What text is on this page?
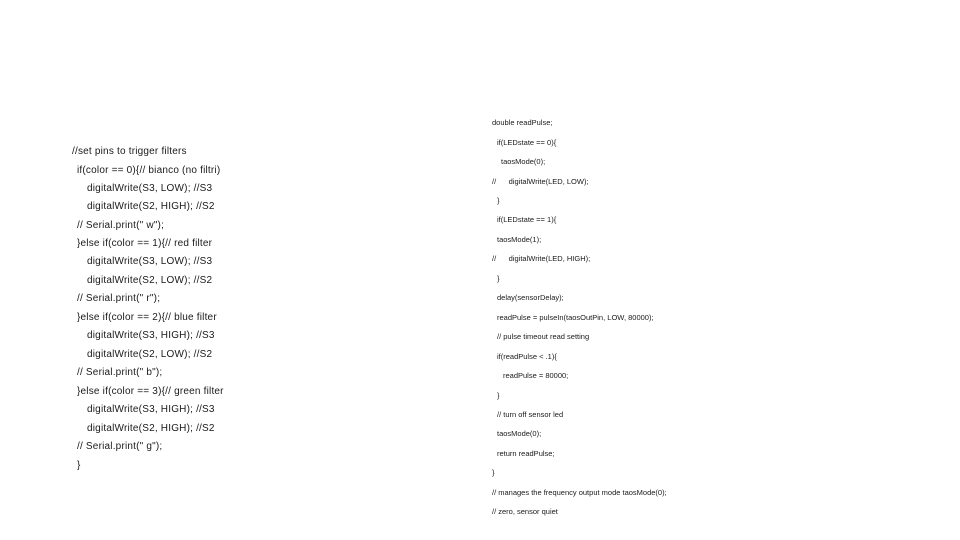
//set pins to trigger filters
if(color == 0){// bianco (no filtri)
digitalWrite(S3, LOW); //S3
digitalWrite(S2, HIGH); //S2
// Serial.print(" w");
}else if(color == 1){// red filter
digitalWrite(S3, LOW); //S3
digitalWrite(S2, LOW); //S2
// Serial.print(" r");
}else if(color == 2){// blue filter
digitalWrite(S3, HIGH); //S3
digitalWrite(S2, LOW); //S2
// Serial.print(" b");
}else if(color == 3){// green filter
digitalWrite(S3, HIGH); //S3
digitalWrite(S2, HIGH); //S2
// Serial.print(" g");
}
double readPulse;
if(LEDstate == 0){
taosMode(0);
//      digitalWrite(LED, LOW);
}
if(LEDstate == 1){
taosMode(1);
//      digitalWrite(LED, HIGH);
}
delay(sensorDelay);
readPulse = pulseIn(taosOutPin, LOW, 80000);
// pulse timeout read setting
if(readPulse < .1){
readPulse = 80000;
}
// turn off sensor led
taosMode(0);
return readPulse;
}
// manages the frequency output mode taosMode(0);
// zero, sensor quiet
